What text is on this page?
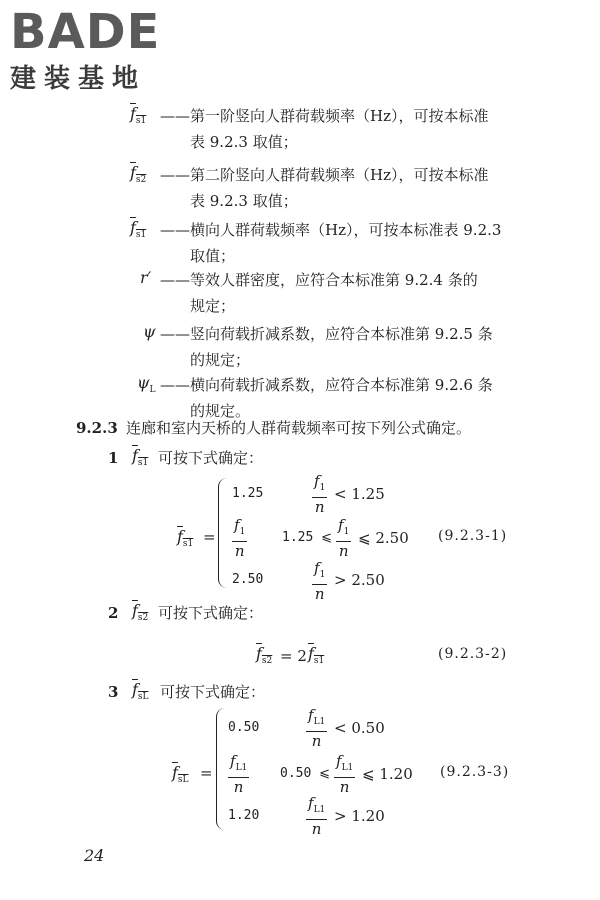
BADE
建装基地
$f_{s1}$ ——第一阶竖向人群荷载频率（Hz），可按本标准
表 9.2.3 取值；
$f_{s2}$ ——第二阶竖向人群荷载频率（Hz），可按本标准
表 9.2.3 取值；
$f_{s1}$ ——横向人群荷载频率（Hz），可按本标准表 9.2.3
取值；
r′ ——等效人群密度，应符合本标准第 9.2.4 条的
规定；
ψ ——竖向荷载折减系数，应符合本标准第 9.2.5 条
的规定；
$\psi_L$ ——横向荷载折减系数，应符合本标准第 9.2.6 条
的规定。
9.2.3 连廊和室内天桥的人群荷载频率可按下列公式确定。
1 $f_{s1}$ 可按下式确定：
$f_{s1}$ =
1.25	$\frac{f_1}{n} < 1.25$
$\frac{f_1}{n}$	1.25 ⩽ $\frac{f_1}{n}$ ⩽ 2.50
2.50	$\frac{f_1}{n} > 2.50$
(9.2.3-1)
2 $f_{s2}$ 可按下式确定：
$f_{s2} = 2$ $f_{s1}$	(9.2.3-2)
3 $f_{sL}$ 可按下式确定：
$f_{sL}$ =
0.50	$\frac{f_{L1}}{n} < 0.50$
$\frac{f_{L1}}{n} 0.50$ ⩽ $\frac{f_{L1}}{n}$ ⩽ 1.20
1.20	$\frac{f_{L1}}{n} > 1.20$
(9.2.3-3)
24
